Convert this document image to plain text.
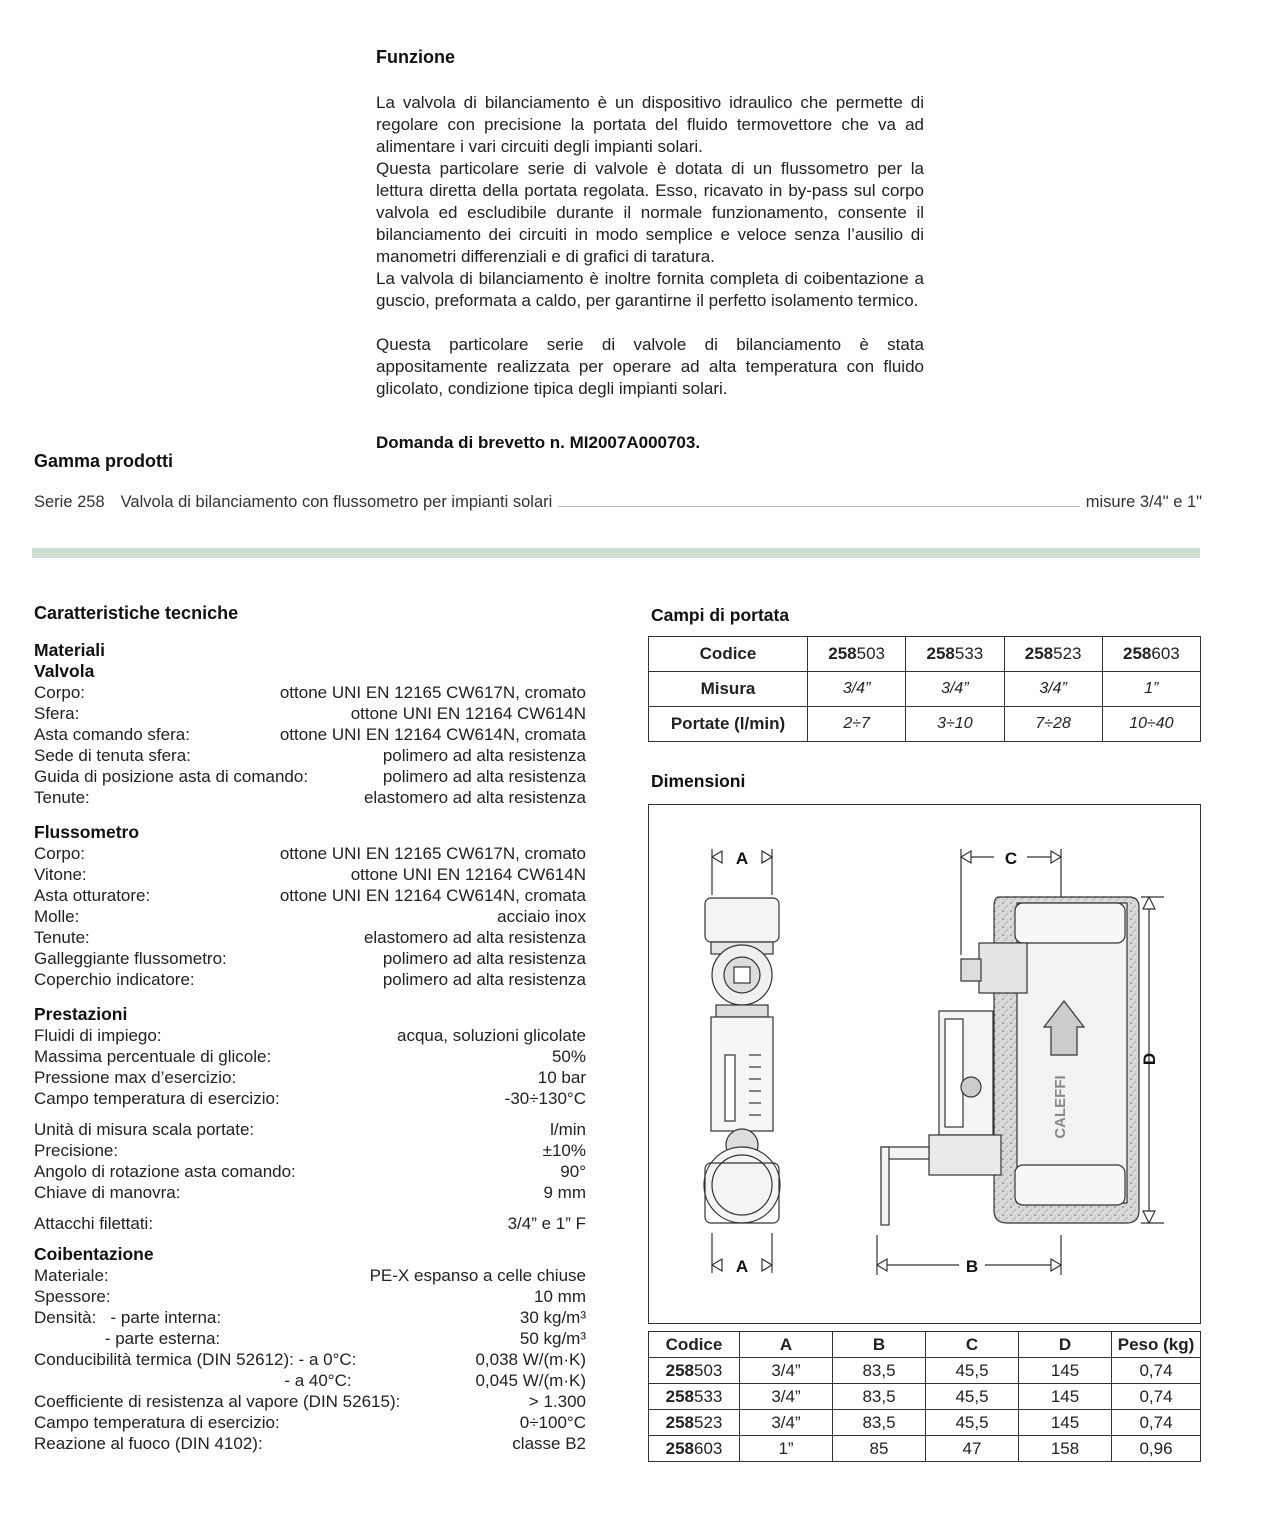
Funzione

La valvola di bilanciamento è un dispositivo idraulico che permette di regolare con precisione la portata del fluido termovettore che va ad alimentare i vari circuiti degli impianti solari.

Questa particolare serie di valvole è dotata di un flussometro per la lettura diretta della portata regolata. Esso, ricavato in by-pass sul corpo valvola ed escludibile durante il normale funzionamento, consente il bilanciamento dei circuiti in modo semplice e veloce senza l’ausilio di manometri differenziali e di grafici di taratura.

La valvola di bilanciamento è inoltre fornita completa di coibentazione a guscio, preformata a caldo, per garantirne il perfetto isolamento termico.

Questa particolare serie di valvole di bilanciamento è stata appositamente realizzata per operare ad alta temperatura con fluido glicolato, condizione tipica degli impianti solari.

Domanda di brevetto n. MI2007A000703.
Gamma prodotti
Serie 258 Valvola di bilanciamento con flussometro per impianti solari	misure 3/4" e 1"
Caratteristiche tecniche
Materiali
Valvola
Corpo:	ottone UNI EN 12165 CW617N, cromato
Sfera:	ottone UNI EN 12164 CW614N
Asta comando sfera:	ottone UNI EN 12164 CW614N, cromata
Sede di tenuta sfera:	polimero ad alta resistenza
Guida di posizione asta di comando:	polimero ad alta resistenza
Tenute:	elastomero ad alta resistenza
Flussometro
Corpo:	ottone UNI EN 12165 CW617N, cromato
Vitone:	ottone UNI EN 12164 CW614N
Asta otturatore:	ottone UNI EN 12164 CW614N, cromata
Molle:	acciaio inox
Tenute:	elastomero ad alta resistenza
Galleggiante flussometro:	polimero ad alta resistenza
Coperchio indicatore:	polimero ad alta resistenza
Prestazioni
Fluidi di impiego:	acqua, soluzioni glicolate
Massima percentuale di glicole:	50%
Pressione max d’esercizio:	10 bar
Campo temperatura di esercizio:	-30÷130°C
Unità di misura scala portate:	l/min
Precisione:	±10%
Angolo di rotazione asta comando:	90°
Chiave di manovra:	9 mm
Attacchi filettati:	3/4” e 1” F
Coibentazione
Materiale:	PE-X espanso a celle chiuse
Spessore:	10 mm
Densità:   - parte interna:	30 kg/m³
- parte esterna:	50 kg/m³
Conducibilità termica (DIN 52612): - a 0°C:	0,038 W/(m·K)
- a 40°C:	0,045 W/(m·K)
Coefficiente di resistenza al vapore (DIN 52615):	> 1.300
Campo temperatura di esercizio:	0÷100°C
Reazione al fuoco (DIN 4102):	classe B2
Campi di portata
Codice	258503	258533	258523	258603
Misura	3/4”	3/4”	3/4”	1”
Portate (l/min)	2÷7	3÷10	7÷28	10÷40
Dimensioni
A
A
CALEFFI
C
D
B
Codice	A	B	C	D	Peso (kg)
258503	3/4”	83,5	45,5	145	0,74
258533	3/4”	83,5	45,5	145	0,74
258523	3/4”	83,5	45,5	145	0,74
258603	1”	85	47	158	0,96
